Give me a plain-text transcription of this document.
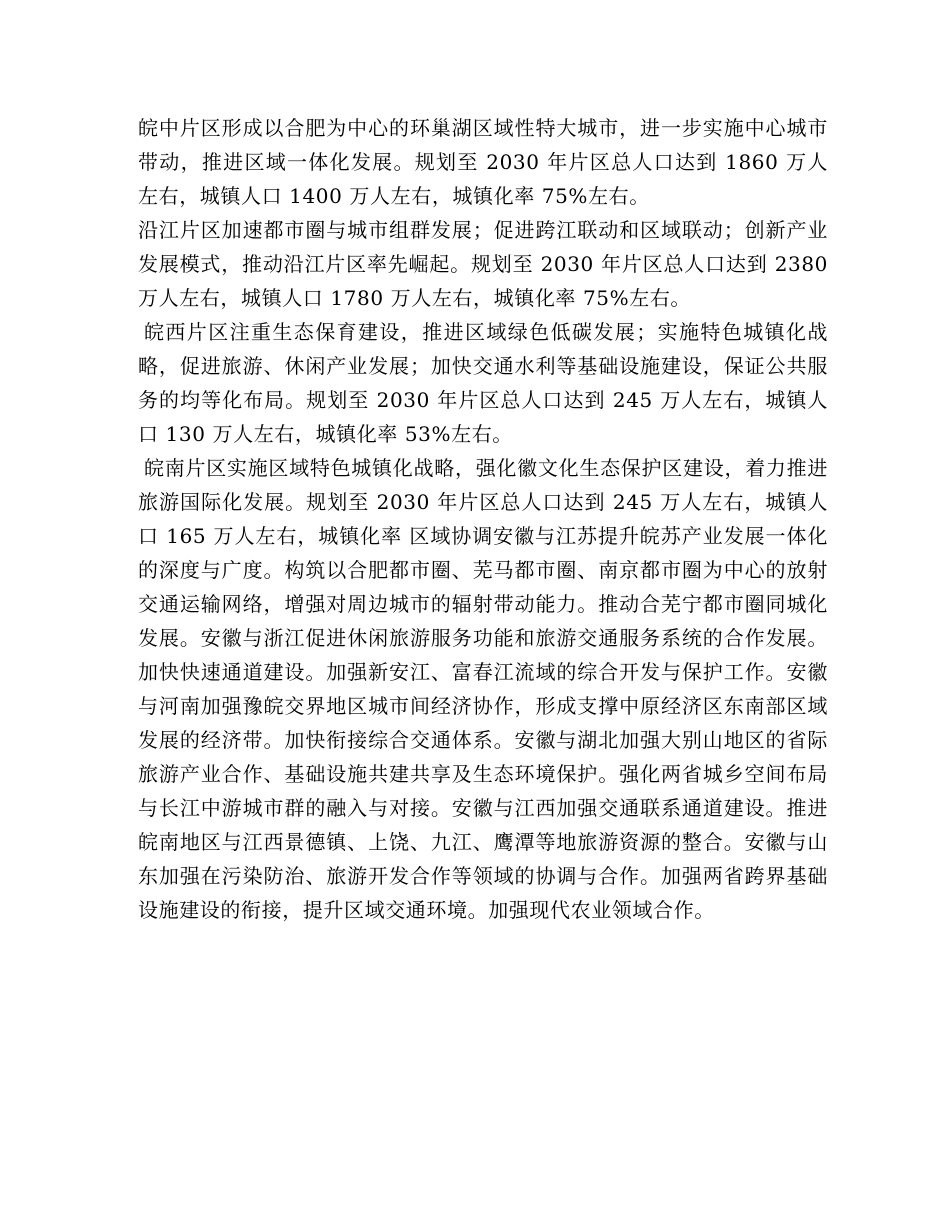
皖中片区形成以合肥为中心的环巢湖区域性特大城市，进一步实施中心城市带动，推进区域一体化发展。规划至 2030 年片区总人口达到 1860 万人左右，城镇人口 1400 万人左右，城镇化率 75%左右。

沿江片区加速都市圈与城市组群发展；促进跨江联动和区域联动；创新产业发展模式，推动沿江片区率先崛起。规划至 2030 年片区总人口达到 2380 万人左右，城镇人口 1780 万人左右，城镇化率 75%左右。

皖西片区注重生态保育建设，推进区域绿色低碳发展；实施特色城镇化战略，促进旅游、休闲产业发展；加快交通水利等基础设施建设，保证公共服务的均等化布局。规划至 2030 年片区总人口达到 245 万人左右，城镇人口 130 万人左右，城镇化率 53%左右。

皖南片区实施区域特色城镇化战略，强化徽文化生态保护区建设，着力推进旅游国际化发展。规划至 2030 年片区总人口达到 245 万人左右，城镇人口 165 万人左右，城镇化率 区域协调安徽与江苏提升皖苏产业发展一体化的深度与广度。构筑以合肥都市圈、芜马都市圈、南京都市圈为中心的放射交通运输网络，增强对周边城市的辐射带动能力。推动合芜宁都市圈同城化发展。安徽与浙江促进休闲旅游服务功能和旅游交通服务系统的合作发展。加快快速通道建设。加强新安江、富春江流域的综合开发与保护工作。安徽与河南加强豫皖交界地区城市间经济协作，形成支撑中原经济区东南部区域发展的经济带。加快衔接综合交通体系。安徽与湖北加强大别山地区的省际旅游产业合作、基础设施共建共享及生态环境保护。强化两省城乡空间布局与长江中游城市群的融入与对接。安徽与江西加强交通联系通道建设。推进皖南地区与江西景德镇、上饶、九江、鹰潭等地旅游资源的整合。安徽与山东加强在污染防治、旅游开发合作等领域的协调与合作。加强两省跨界基础设施建设的衔接，提升区域交通环境。加强现代农业领域合作。
